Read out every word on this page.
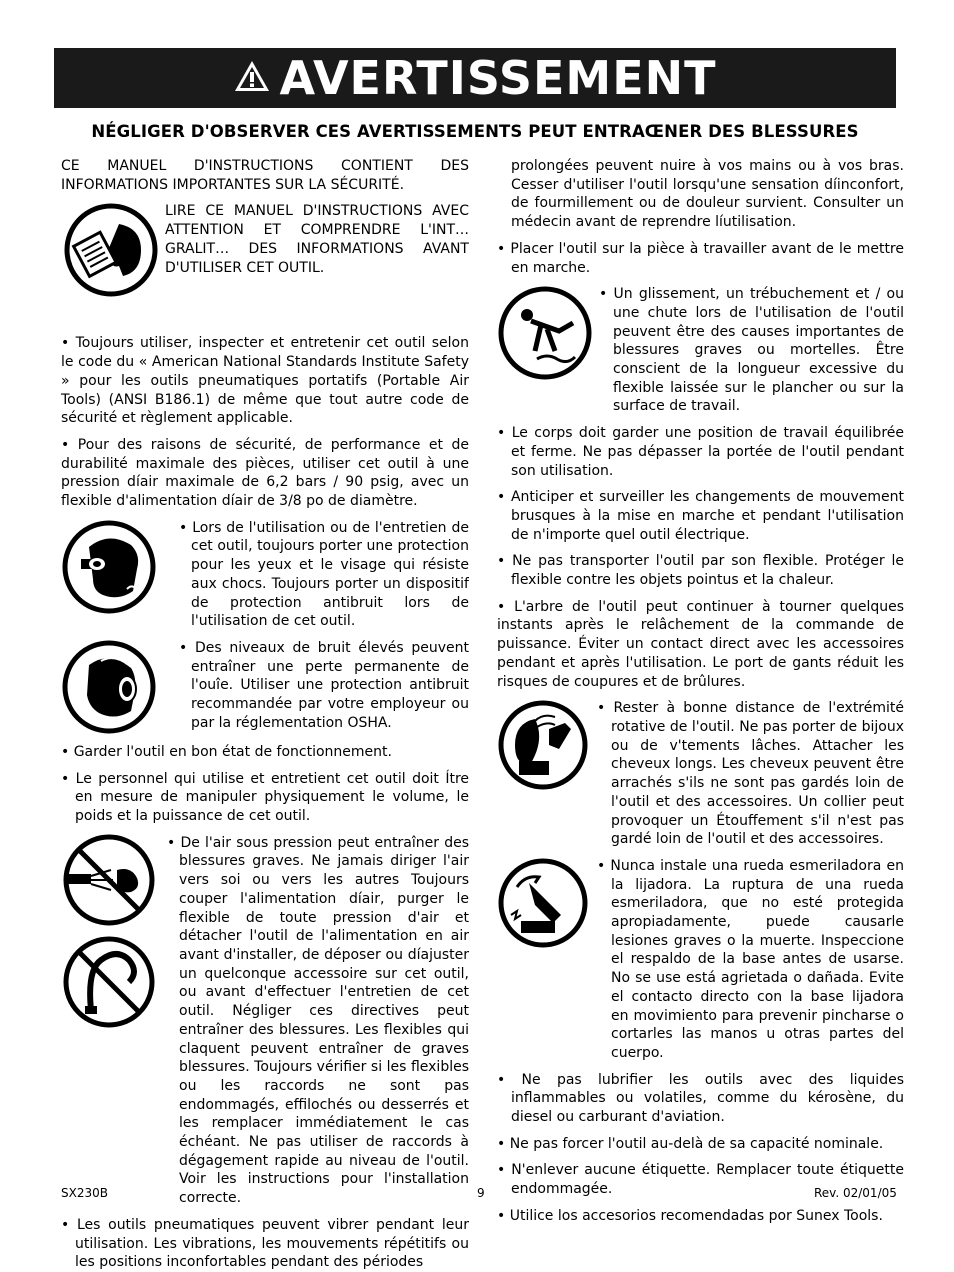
AVERTISSEMENT
NÉGLIGER D'OBSERVER CES AVERTISSEMENTS PEUT ENTRAŒNER DES BLESSURES

CE MANUEL D'INSTRUCTIONS CONTIENT DES INFORMATIONS IMPORTANTES SUR LA SÉCURITÉ.

LIRE CE MANUEL D'INSTRUCTIONS AVEC ATTENTION ET COMPRENDRE L'INT… GRALIT… DES INFORMATIONS AVANT D'UTILISER CET OUTIL.

• Toujours utiliser, inspecter et entretenir cet outil selon le code du « American National Standards Institute Safety » pour les outils pneumatiques portatifs (Portable Air Tools) (ANSI B186.1) de même que tout autre code de sécurité et règlement applicable.

• Pour des raisons de sécurité, de performance et de durabilité maximale des pièces, utiliser cet outil à une pression díair maximale de 6,2 bars / 90 psig, avec un flexible d'alimentation díair de 3/8 po de diamètre.

• Lors de l'utilisation ou de l'entretien de cet outil, toujours porter une protection pour les yeux et le visage qui résiste aux chocs. Toujours porter un dispositif de protection antibruit lors de l'utilisation de cet outil.

• Des niveaux de bruit élevés peuvent entraîner une perte permanente de l'ouîe. Utiliser une protection antibruit recommandée par votre employeur ou par la réglementation OSHA.

• Garder l'outil en bon état de fonctionnement.

• Le personnel qui utilise et entretient cet outil doit Ítre en mesure de manipuler physiquement le volume, le poids et la puissance de cet outil.

• De l'air sous pression peut entraîner des blessures graves. Ne jamais diriger l'air vers soi ou vers les autres Toujours couper l'alimentation díair, purger le flexible de toute pression d'air et détacher l'outil de l'alimentation en air avant d'installer, de déposer ou díajuster un quelconque accessoire sur cet outil, ou avant d'effectuer l'entretien de cet outil. Négliger ces directives peut entraîner des blessures. Les flexibles qui claquent peuvent entraîner de graves blessures. Toujours vérifier si les flexibles ou les raccords ne sont pas endommagés, effilochés ou desserrés et les remplacer immédiatement le cas échéant. Ne pas utiliser de raccords à dégagement rapide au niveau de l'outil. Voir les instructions pour l'installation correcte.

• Les outils pneumatiques peuvent vibrer pendant leur utilisation. Les vibrations, les mouvements répétitifs ou les positions inconfortables pendant des périodes

prolongées peuvent nuire à vos mains ou à vos bras. Cesser d'utiliser l'outil lorsqu'une sensation díinconfort, de fourmillement ou de douleur survient. Consulter un médecin avant de reprendre líutilisation.

• Placer l'outil sur la pièce à travailler avant de le mettre en marche.

• Un glissement, un trébuchement et / ou une chute lors de l'utilisation de l'outil peuvent être des causes importantes de blessures graves ou mortelles. Être conscient de la longueur excessive du flexible laissée sur le plancher ou sur la surface de travail.

• Le corps doit garder une position de travail équilibrée et ferme. Ne pas dépasser la portée de l'outil pendant son utilisation.

• Anticiper et surveiller les changements de mouvement brusques à la mise en marche et pendant l'utilisation de n'importe quel outil électrique.

• Ne pas transporter l'outil par son flexible. Protéger le flexible contre les objets pointus et la chaleur.

• L'arbre de l'outil peut continuer à tourner quelques instants après le relâchement de la commande de puissance. Éviter un contact direct avec les accessoires pendant et après l'utilisation. Le port de gants réduit les risques de coupures et de brûlures.

• Rester à bonne distance de l'extrémité rotative de l'outil. Ne pas porter de bijoux ou de v'tements lâches. Attacher les cheveux longs. Les cheveux peuvent être arrachés s'ils ne sont pas gardés loin de l'outil et des accessoires. Un collier peut provoquer un Étouffement s'il n'est pas gardé loin de l'outil et des accessoires.

• Nunca instale una rueda esmeriladora en la lijadora. La ruptura de una rueda esmeriladora, que no esté protegida apropiadamente, puede causarle lesiones graves o la muerte. Inspeccione el respaldo de la base antes de usarse. No se use está agrietada o dañada. Evite el contacto directo con la base lijadora en movimiento para prevenir pincharse o cortarles las manos u otras partes del cuerpo.

• Ne pas lubrifier les outils avec des liquides inflammables ou volatiles, comme du kérosène, du diesel ou carburant d'aviation.

• Ne pas forcer l'outil au-delà de sa capacité nominale.

• N'enlever aucune étiquette. Remplacer toute étiquette endommagée.

• Utilice los accesorios recomendadas por Sunex Tools.

SX230B	9	Rev. 02/01/05
